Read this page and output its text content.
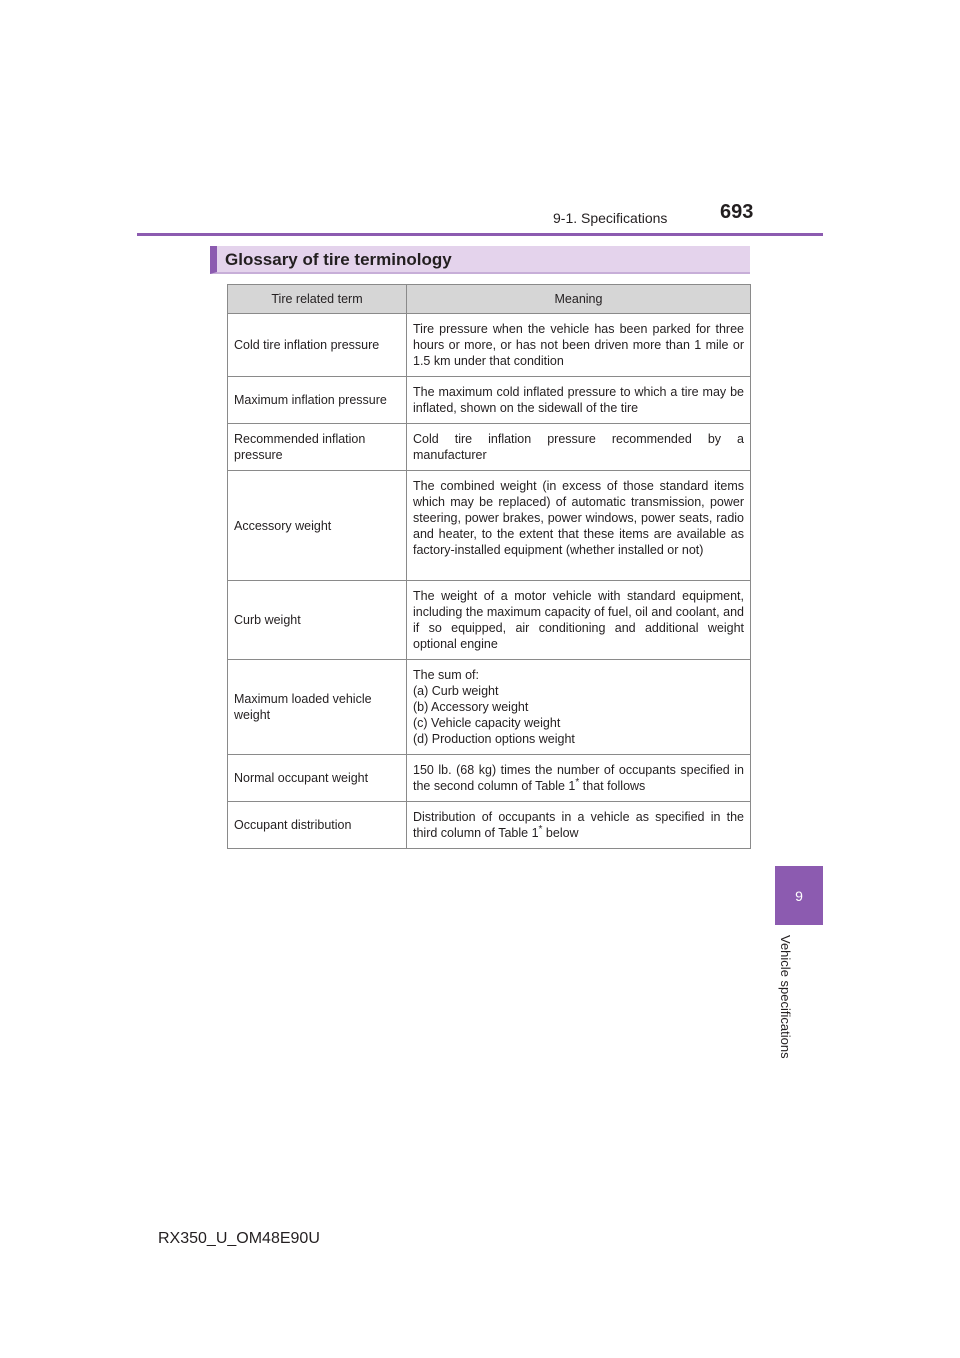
9-1. Specifications	693
Glossary of tire terminology
Tire related term	Meaning
Cold tire inflation pressure	Tire pressure when the vehicle has been parked for three hours or more, or has not been driven more than 1 mile or 1.5 km under that condition
Maximum inflation pressure	The maximum cold inflated pressure to which a tire may be inflated, shown on the sidewall of the tire
Recommended inflation pressure	Cold tire inflation pressure recommended by a manufacturer
Accessory weight	The combined weight (in excess of those standard items which may be replaced) of automatic transmission, power steering, power brakes, power windows, power seats, radio and heater, to the extent that these items are available as factory-installed equipment (whether installed or not)
Curb weight	The weight of a motor vehicle with standard equipment, including the maximum capacity of fuel, oil and coolant, and if so equipped, air conditioning and additional weight optional engine
Maximum loaded vehicle weight	The sum of:
(a) Curb weight
(b) Accessory weight
(c) Vehicle capacity weight
(d) Production options weight

Normal occupant weight	150 lb. (68 kg) times the number of occupants specified in the second column of Table 1* that follows
Occupant distribution	Distribution of occupants in a vehicle as specified in the third column of Table 1* below
9
Vehicle specifications
RX350_U_OM48E90U
